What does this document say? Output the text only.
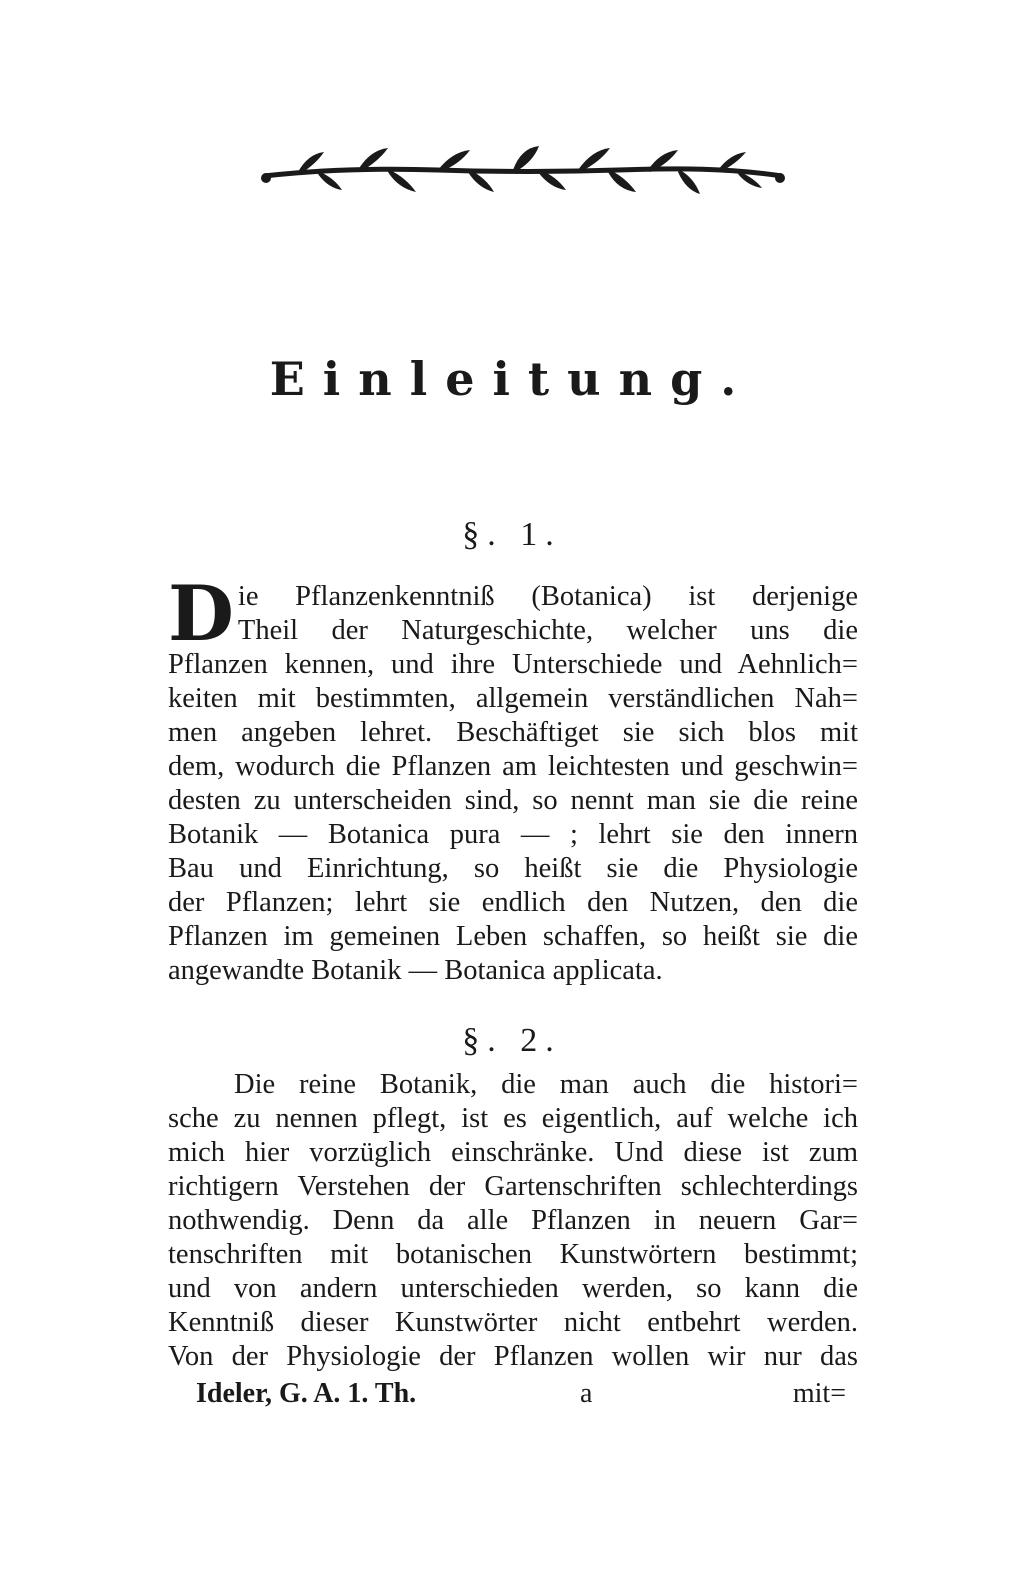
Einleitung.
§. 1.
D ie Pflanzenkenntniß (Botanica) ist derjenige
Theil der Naturgeschichte, welcher uns die
Pflanzen kennen, und ihre Unterschiede und Aehnlich=
keiten mit bestimmten, allgemein verständlichen Nah=
men angeben lehret. Beschäftiget sie sich blos mit
dem, wodurch die Pflanzen am leichtesten und geschwin=
desten zu unterscheiden sind, so nennt man sie die reine
Botanik — Botanica pura — ; lehrt sie den innern
Bau und Einrichtung, so heißt sie die Physiologie
der Pflanzen; lehrt sie endlich den Nutzen, den die
Pflanzen im gemeinen Leben schaffen, so heißt sie die
angewandte Botanik — Botanica applicata.
§. 2.
Die reine Botanik, die man auch die histori=
sche zu nennen pflegt, ist es eigentlich, auf welche ich
mich hier vorzüglich einschränke. Und diese ist zum
richtigern Verstehen der Gartenschriften schlechterdings
nothwendig. Denn da alle Pflanzen in neuern Gar=
tenschriften mit botanischen Kunstwörtern bestimmt;
und von andern unterschieden werden, so kann die
Kenntniß dieser Kunstwörter nicht entbehrt werden.
Von der Physiologie der Pflanzen wollen wir nur das
Ideler, G. A. 1. Th.	a	mit=
